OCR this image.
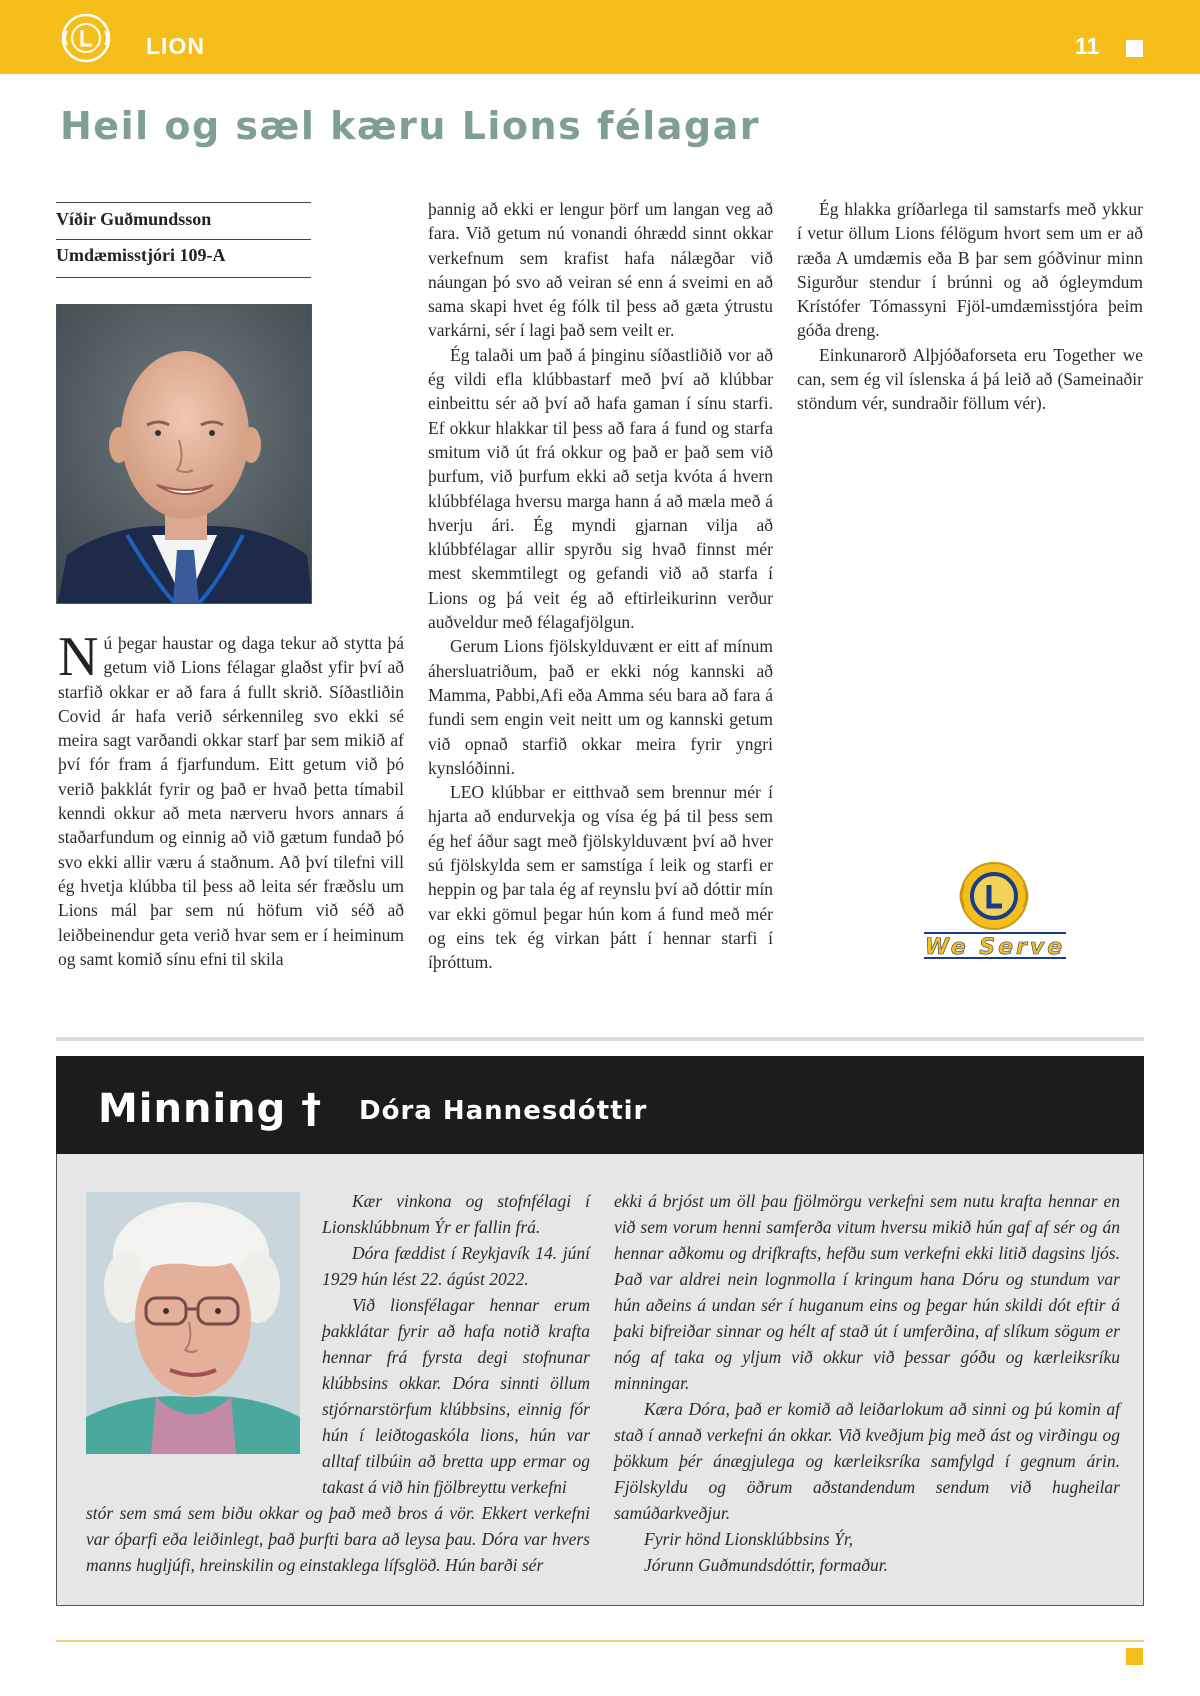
LION	11
Heil og sæl kæru Lions félagar
Víðir Guðmundsson
Umdæmisstjóri 109-A

Nú þegar haustar og daga tekur að stytta þá getum við Lions félagar glaðst yfir því að starfið okkar er að fara á fullt skrið. Síðastliðin Covid ár hafa verið sérkennileg svo ekki sé meira sagt varðandi okkar starf þar sem mikið af því fór fram á fjarfundum. Eitt getum við þó verið þakklát fyrir og það er hvað þetta tímabil kenndi okkur að meta nærveru hvors annars á staðarfundum og einnig að við gætum fundað þó svo ekki allir væru á staðnum. Að því tilefni vill ég hvetja klúbba til þess að leita sér fræðslu um Lions mál þar sem nú höfum við séð að leiðbeinendur geta verið hvar sem er í heiminum og samt komið sínu efni til skila

þannig að ekki er lengur þörf um langan veg að fara. Við getum nú vonandi óhrædd sinnt okkar verkefnum sem krafist hafa nálægðar við náungan þó svo að veiran sé enn á sveimi en að sama skapi hvet ég fólk til þess að gæta ýtrustu varkárni, sér í lagi það sem veilt er.

Ég talaði um það á þinginu síðastliðið vor að ég vildi efla klúbbastarf með því að klúbbar einbeittu sér að því að hafa gaman í sínu starfi. Ef okkur hlakkar til þess að fara á fund og starfa smitum við út frá okkur og það er það sem við þurfum, við þurfum ekki að setja kvóta á hvern klúbbfélaga hversu marga hann á að mæla með á hverju ári. Ég myndi gjarnan vilja að klúbbfélagar allir spyrðu sig hvað finnst mér mest skemmtilegt og gefandi við að starfa í Lions og þá veit ég að eftirleikurinn verður auðveldur með félagafjölgun.

Gerum Lions fjölskylduvænt er eitt af mínum áhersluatriðum, það er ekki nóg kannski að Mamma, Pabbi,Afi eða Amma séu bara að fara á fundi sem engin veit neitt um og kannski getum við opnað starfið okkar meira fyrir yngri kynslóðinni.

LEO klúbbar er eitthvað sem brennur mér í hjarta að endurvekja og vísa ég þá til þess sem ég hef áður sagt með fjölskylduvænt því að hver sú fjölskylda sem er samstíga í leik og starfi er heppin og þar tala ég af reynslu því að dóttir mín var ekki gömul þegar hún kom á fund með mér og eins tek ég virkan þátt í hennar starfi í íþróttum.

Ég hlakka gríðarlega til samstarfs með ykkur í vetur öllum Lions félögum hvort sem um er að ræða A umdæmis eða B þar sem góðvinur minn Sigurður stendur í brúnni og að ógleymdum Krístófer Tómassyni Fjöl-umdæmisstjóra þeim góða dreng.

Einkunarorð Alþjóðaforseta eru Together we can, sem ég vil íslenska á þá leið að (Sameinaðir stöndum vér, sundraðir föllum vér).

We Serve
Minning † Dóra Hannesdóttir

Kær vinkona og stofnfélagi í Lionsklúbbnum Ýr er fallin frá.

Dóra fæddist í Reykjavík 14. júní 1929 hún lést 22. ágúst 2022.

Við lionsfélagar hennar erum þakklátar fyrir að hafa notið krafta hennar frá fyrsta degi stofnunar klúbbsins okkar. Dóra sinnti öllum stjórnarstörfum klúbbsins, einnig fór hún í leiðtogaskóla lions, hún var alltaf tilbúin að bretta upp ermar og takast á við hin fjölbreyttu verkefni

stór sem smá sem biðu okkar og það með bros á vör. Ekkert verkefni var óþarfi eða leiðinlegt, það þurfti bara að leysa þau. Dóra var hvers manns hugljúfi, hreinskilin og einstaklega lífsglöð. Hún barði sér

ekki á brjóst um öll þau fjölmörgu verkefni sem nutu krafta hennar en við sem vorum henni samferða vitum hversu mikið hún gaf af sér og án hennar aðkomu og drifkrafts, hefðu sum verkefni ekki litið dagsins ljós. Það var aldrei nein lognmolla í kringum hana Dóru og stundum var hún aðeins á undan sér í huganum eins og þegar hún skildi dót eftir á þaki bifreiðar sinnar og hélt af stað út í umferðina, af slíkum sögum er nóg af taka og yljum við okkur við þessar góðu og kærleiksríku minningar.

Kæra Dóra, það er komið að leiðarlokum að sinni og þú komin af stað í annað verkefni án okkar. Við kveðjum þig með ást og virðingu og þökkum þér ánægjulega og kærleiksríka samfylgd í gegnum árin. Fjölskyldu og öðrum aðstandendum sendum við hugheilar samúðarkveðjur.

Fyrir hönd Lionsklúbbsins Ýr,

Jórunn Guðmundsdóttir, formaður.
